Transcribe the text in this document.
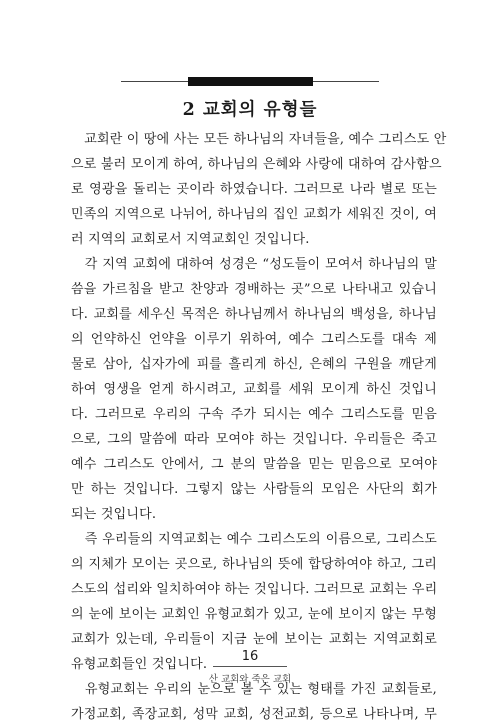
2 교회의 유형들
　교회란 이 땅에 사는 모든 하나님의 자녀들을, 예수 그리스도 안
으로 불러 모이게 하여, 하나님의 은혜와 사랑에 대하여 감사함으
로 영광을 돌리는 곳이라 하였습니다. 그러므로 나라 별로 또는
민족의 지역으로 나뉘어, 하나님의 집인 교회가 세워진 것이, 여
러 지역의 교회로서 지역교회인 것입니다.
　각 지역 교회에 대하여 성경은 “성도들이 모여서 하나님의 말
씀을 가르침을 받고 찬양과 경배하는 곳”으로 나타내고 있습니
다. 교회를 세우신 목적은 하나님께서 하나님의 백성을, 하나님
의 언약하신 언약을 이루기 위하여, 예수 그리스도를 대속 제
물로 삼아, 십자가에 피를 흘리게 하신, 은혜의 구원을 깨닫게
하여 영생을 얻게 하시려고, 교회를 세워 모이게 하신 것입니
다. 그러므로 우리의 구속 주가 되시는 예수 그리스도를 믿음
으로, 그의 말씀에 따라 모여야 하는 것입니다. 우리들은 죽고
예수 그리스도 안에서, 그 분의 말씀을 믿는 믿음으로 모여야
만 하는 것입니다. 그렇지 않는 사람들의 모임은 사단의 회가
되는 것입니다.
　즉 우리들의 지역교회는 예수 그리스도의 이름으로, 그리스도
의 지체가 모이는 곳으로, 하나님의 뜻에 합당하여야 하고, 그리
스도의 섭리와 일치하여야 하는 것입니다. 그러므로 교회는 우리
의 눈에 보이는 교회인 유형교회가 있고, 눈에 보이지 않는 무형
교회가 있는데, 우리들이 지금 눈에 보이는 교회는 지역교회로
유형교회들인 것입니다.
　유형교회는 우리의 눈으로 볼 수 있는 형태를 가진 교회들로,
가정교회, 족장교회, 성막 교회, 성전교회, 등으로 나타나며, 무
16
산 교회와 죽은 교회
